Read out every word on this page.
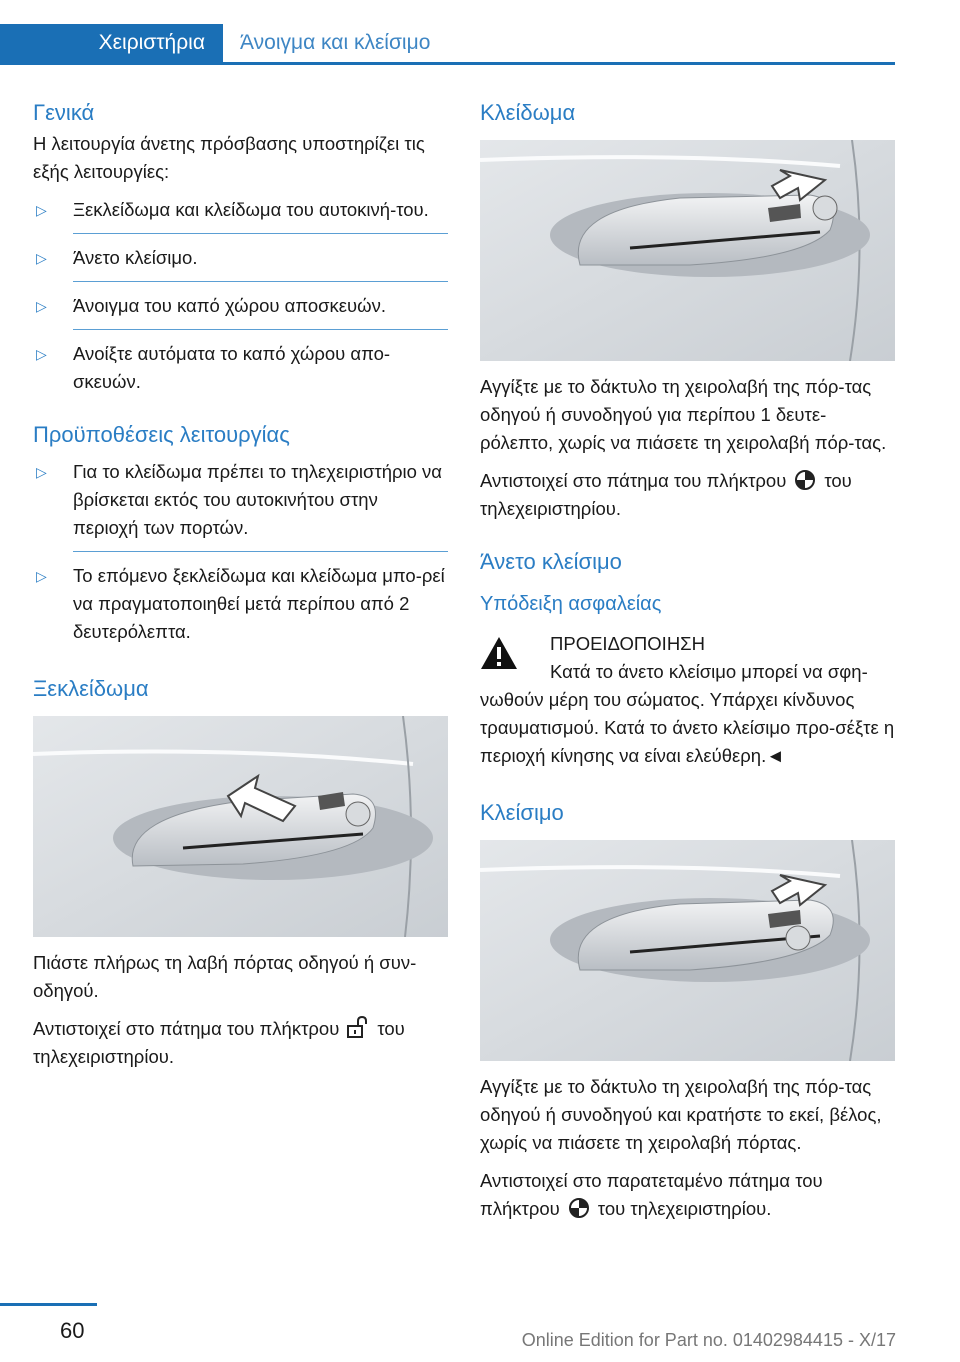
Χειριστήρια	Άνοιγμα και κλείσιμο
Γενικά

Η λειτουργία άνετης πρόσβασης υποστηρίζει τις εξής λειτουργίες:

▷ Ξεκλείδωμα και κλείδωμα του αυτοκινή-του.
▷ Άνετο κλείσιμο.
▷ Άνοιγμα του καπό χώρου αποσκευών.
▷ Ανοίξτε αυτόματα το καπό χώρου απο-σκευών.
Προϋποθέσεις λειτουργίας
▷ Για το κλείδωμα πρέπει το τηλεχειριστήριο να βρίσκεται εκτός του αυτοκινήτου στην περιοχή των πορτών.
▷ Το επόμενο ξεκλείδωμα και κλείδωμα μπο-ρεί να πραγματοποιηθεί μετά περίπου από 2 δευτερόλεπτα.
Ξεκλείδωμα

Πιάστε πλήρως τη λαβή πόρτας οδηγού ή συν-οδηγού.

Αντιστοιχεί στο πάτημα του πλήκτρου του τηλεχειριστηρίου.

Κλείδωμα

Αγγίξτε με το δάκτυλο τη χειρολαβή της πόρ-τας οδηγού ή συνοδηγού για περίπου 1 δευτε-ρόλεπτο, χωρίς να πιάσετε τη χειρολαβή πόρ-τας.

Αντιστοιχεί στο πάτημα του πλήκτρου του τηλεχειριστηρίου.

Άνετο κλείσιμο
Υπόδειξη ασφαλείας
ΠΡΟΕΙΔΟΠΟΙΗΣΗ

Κατά το άνετο κλείσιμο μπορεί να σφη-νωθούν μέρη του σώματος. Υπάρχει κίνδυνος τραυματισμού. Κατά το άνετο κλείσιμο προ-σέξτε η περιοχή κίνησης να είναι ελεύθερη.◄

Κλείσιμο

Αγγίξτε με το δάκτυλο τη χειρολαβή της πόρ-τας οδηγού ή συνοδηγού και κρατήστε το εκεί, βέλος, χωρίς να πιάσετε τη χειρολαβή πόρτας.

Αντιστοιχεί στο παρατεταμένο πάτημα του πλήκτρου του τηλεχειριστηρίου.

60	Online Edition for Part no. 01402984415 - X/17
